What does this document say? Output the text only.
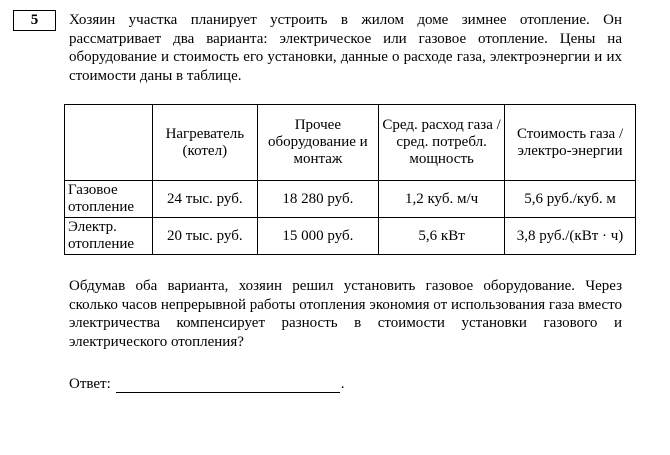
5 Хозяин участка планирует устроить в жилом доме зимнее отопление. Он рассматривает два варианта: электрическое или газовое отопление. Цены на оборудование и стоимость его установки, данные о расходе газа, электроэнергии и их стоимости даны в таблице.
	Нагреватель (котел)	Прочее оборудование и монтаж	Сред. расход газа / сред. потребл. мощность	Стоимость газа / электро-энергии
Газовое отопление	24 тыс. руб.	18 280 руб.	1,2 куб. м/ч	5,6 руб./куб. м
Электр. отопление	20 тыс. руб.	15 000 руб.	5,6 кВт	3,8 руб./(кВт · ч)
Обдумав оба варианта, хозяин решил установить газовое оборудование. Через сколько часов непрерывной работы отопления экономия от использования газа вместо электричества компенсирует разность в стоимости установки газового и электрического отопления?
Ответ:	.
